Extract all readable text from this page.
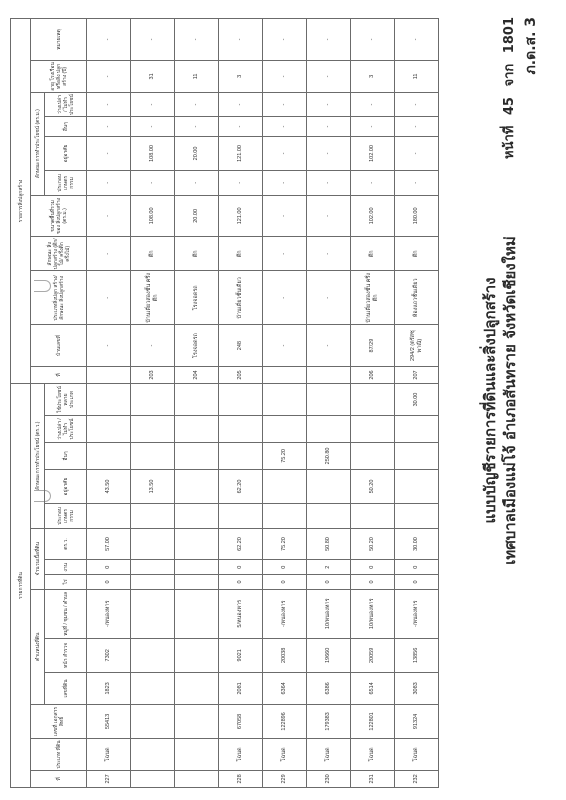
แบบบัญชีรายการที่ดินและสิ่งปลูกสร้าง เทศบาลเมืองแม่โจ้ อำเภอสันทราย จังหวัดเชียงใหม่
ภ.ด.ส. 3
หน้าที่ 45 จาก 1801
รายการที่ดิน														รายการสิ่งปลูกสร้าง										
ที่	ประเภท ที่ดิน	เลขที่ เอกสารสิทธิ์	ตำแหน่งที่ดิน			จำนวนเนื้อที่ดิน			ลักษณะการทำประโยชน์ (ตร.ว.)					ที่	บ้านเลขที่	ประเภทสิ่งปลูก สร้าง/ลักษณะ สิ่งปลูกสร้าง	ลักษณะ สิ่งปลูกสร้าง (ตึก/ไม้/ ครึ่งตึกครึ่งไม้)	ขนาดพื้นที่รวม ของ สิ่งปลูกสร้าง (ตร.ม.)	ลักษณะการทำประโยชน์ (ตร.ม.)				อายุ โรงเรือน หรือสิ่ง ปลูกสร้าง (ปี)	หมายเหตุ
			เลขที่ดิน	หน้า สำรวจ	หมู่ที่ / ชุมชน / ตำบล	ไร่	งาน	ตร.ว.	ประกอบ เกษตร กรรม	อยู่อาศัย	อื่นๆ	ว่างเปล่า / ไม่ทำ ประโยชน์	ใช้ประโยชน์ หลาย ประเภท						ประกอบ เกษตร กรรม	อยู่อาศัย	อื่นๆ	ว่างเปล่า / ไม่ทำ ประโยชน์		
227	โฉนด	55413	1823	7302	-/หนองหาร	0	0	57.00		43.50					-	-	-	-	-	-	-	-	-	-
										13.50				203	-	บ้านเดี่ยวสองชั้น ครึ่งตึก	ตึก	108.00	-	108.00	-	-	31	-
														204	โรงจอดรถ	โรงจอดรถ	ตึก	20.00	-	20.00	-	-	11	-
228	โฉนด	67058	2081	9021	5/หนองหาร	0	0	62.20		62.20				205	248	บ้านเดี่ยวชั้นเดียว	ตึก	121.00	-	121.00	-	-	3	-
229	โฉนด	122896	6364	20038	-/หนองหาร	0	0	75.20			75.20				-	-	-	-	-	-	-	-	-	-
230	โฉนด	179383	6386	19660	10/หนองหาร	0	2	50.80			250.80				-	-	-	-	-	-	-	-	-	-
231	โฉนด	122801	6514	20059	10/หนองหาร	0	0	50.20		50.20				206	87/29	บ้านเดี่ยวสองชั้น ครึ่งตึก	ตึก	102.00	-	102.00	-	-	3	-
232	โฉนด	91324	3083	13856	-/หนองหาร	0	0	30.00					30.00	207	294/2 (ตรัสซุพาณิ)	ห้องแถวชั้นเดียว	ตึก	180.00	-	-	-	-	11	-
